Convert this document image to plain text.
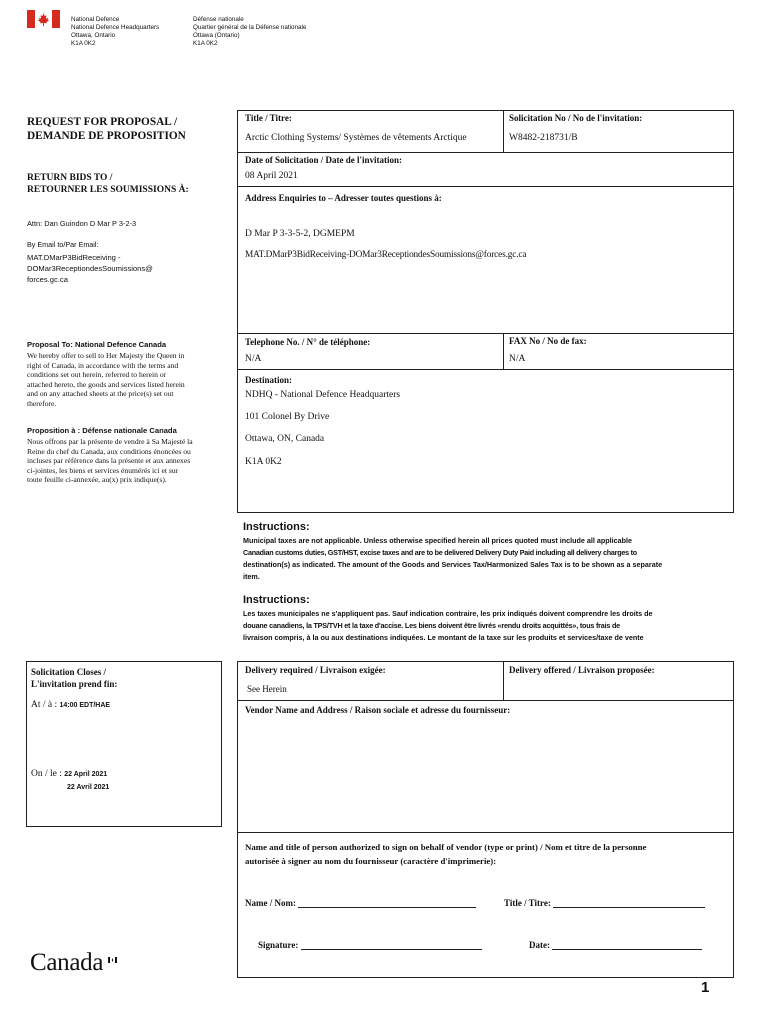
National Defence
National Defence Headquarters
Ottawa, Ontario
K1A 0K2
Défense nationale
Quartier général de la Défense nationale
Ottawa (Ontario)
K1A 0K2
REQUEST FOR PROPOSAL /
DEMANDE DE PROPOSITION
RETURN BIDS TO /
RETOURNER LES SOUMISSIONS À:
Attn: Dan Guindon D Mar P 3-2-3
By Email to/Par Email:
MAT.DMarP3BidReceiving -
DOMar3ReceptiondesSoumissions@
forces.gc.ca
Proposal To: National Defence Canada
We hereby offer to sell to Her Majesty the Queen in
right of Canada, in accordance with the terms and
conditions set out herein, referred to herein or
attached hereto, the goods and services listed herein
and on any attached sheets at the price(s) set out
therefore.
Proposition à : Défense nationale Canada
Nous offrons par la présente de vendre à Sa Majesté la
Reine du chef du Canada, aux conditions énoncées ou
incluses par référence dans la présente et aux annexes
ci-jointes, les biens et services énumérés ici et sur
toute feuille ci-annexée, au(x) prix indique(s).
Solicitation Closes /
L'invitation prend fin:
At / à : 14:00 EDT/HAE
On / le : 22 April 2021
22 Avril 2021
Canada
Title / Titre:
Arctic Clothing Systems/ Systèmes de vêtements Arctique
Solicitation No / No de l'invitation:
W8482-218731/B
Date of Solicitation / Date de l'invitation:
08 April 2021
Address Enquiries to – Adresser toutes questions à:
D Mar P 3-3-5-2, DGMEPM
MAT.DMarP3BidReceiving-DOMar3ReceptiondesSoumissions@forces.gc.ca
Telephone No. / N° de téléphone:
N/A
FAX No / No de fax:
N/A
Destination:
NDHQ - National Defence Headquarters
101 Colonel By Drive
Ottawa, ON, Canada
K1A 0K2
Instructions:
Municipal taxes are not applicable. Unless otherwise specified herein all prices quoted must include all applicable
Canadian customs duties, GST/HST, excise taxes and are to be delivered Delivery Duty Paid including all delivery charges to
destination(s) as indicated. The amount of the Goods and Services Tax/Harmonized Sales Tax is to be shown as a separate
item.
Instructions:
Les taxes municipales ne s'appliquent pas. Sauf indication contraire, les prix indiqués doivent comprendre les droits de
douane canadiens, la TPS/TVH et la taxe d'accise. Les biens doivent être livrés «rendu droits acquittés», tous frais de
livraison compris, à la ou aux destinations indiquées. Le montant de la taxe sur les produits et services/taxe de vente
Delivery required / Livraison exigée:
See Herein
Delivery offered / Livraison proposée:
Vendor Name and Address / Raison sociale et adresse du fournisseur:
Name and title of person authorized to sign on behalf of vendor (type or print) / Nom et titre de la personne
autorisée à signer au nom du fournisseur (caractère d'imprimerie):
Name / Nom:	Title / Titre:
Signature:	Date:
1
